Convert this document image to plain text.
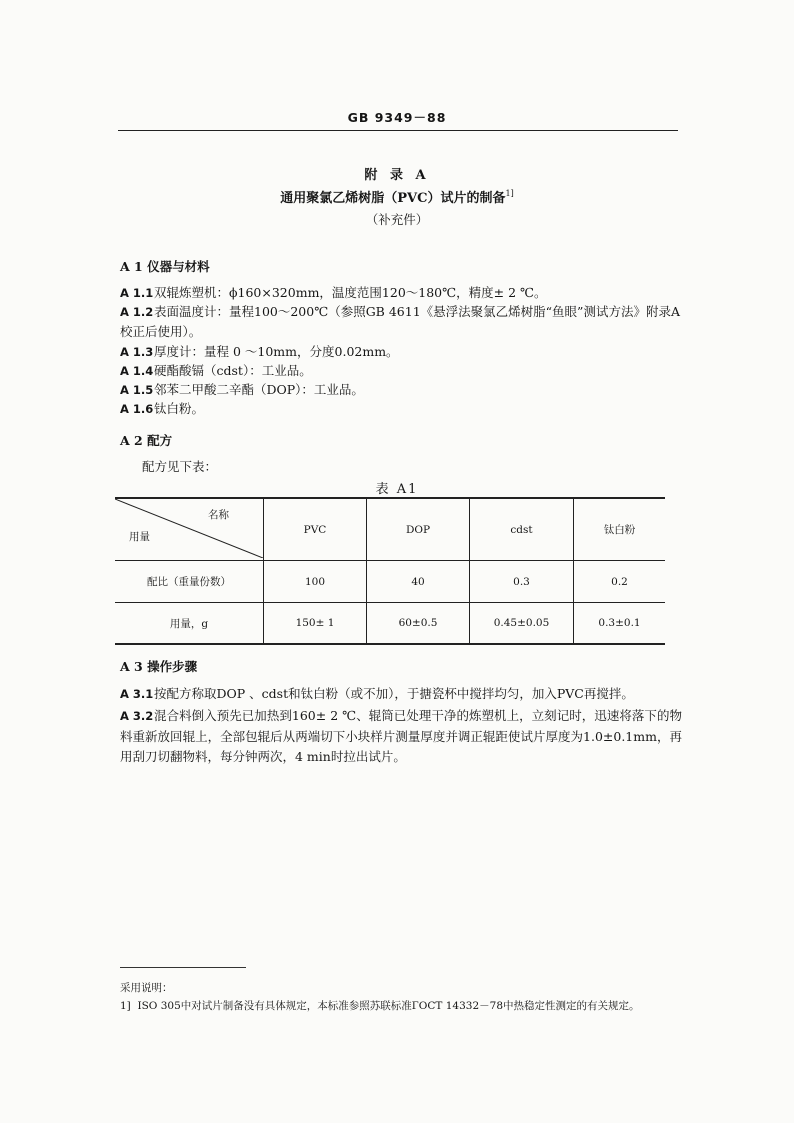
GB 9349－88
附 录 A
通用聚氯乙烯树脂（PVC）试片的制备$^{1]}$
（补充件）
A 1 仪器与材料
A 1.1双辊炼塑机：ϕ160×320mm，温度范围120～180℃，精度± 2 ℃。
A 1.2表面温度计：量程100～200℃（参照GB 4611《悬浮法聚氯乙烯树脂“鱼眼”测试方法》附录A校正后使用）。
A 1.3厚度计：量程 0 ～10mm，分度0.02mm。
A 1.4硬酯酸镉（cdst）：工业品。
A 1.5邻苯二甲酸二辛酯（DOP）：工业品。
A 1.6钛白粉。
A 2 配方
配方见下表：
表 A1
名称
用量	PVC	DOP	cdst	钛白粉
配比（重量份数）	100	40	0.3	0.2
用量，g	150± 1	60±0.5	0.45±0.05	0.3±0.1
A 3 操作步骤
A 3.1按配方称取DOP 、cdst和钛白粉（或不加），于搪瓷杯中搅拌均匀，加入PVC再搅拌。
A 3.2混合料倒入预先已加热到160± 2 ℃、辊筒已处理干净的炼塑机上，立刻记时，迅速将落下的物料重新放回辊上，全部包辊后从两端切下小块样片测量厚度并调正辊距使试片厚度为1.0±0.1mm，再用刮刀切翻物料，每分钟两次，4 min时拉出试片。
采用说明：
1] ISO 305中对试片制备没有具体规定，本标准参照苏联标准ГОСТ 14332－78中热稳定性测定的有关规定。
